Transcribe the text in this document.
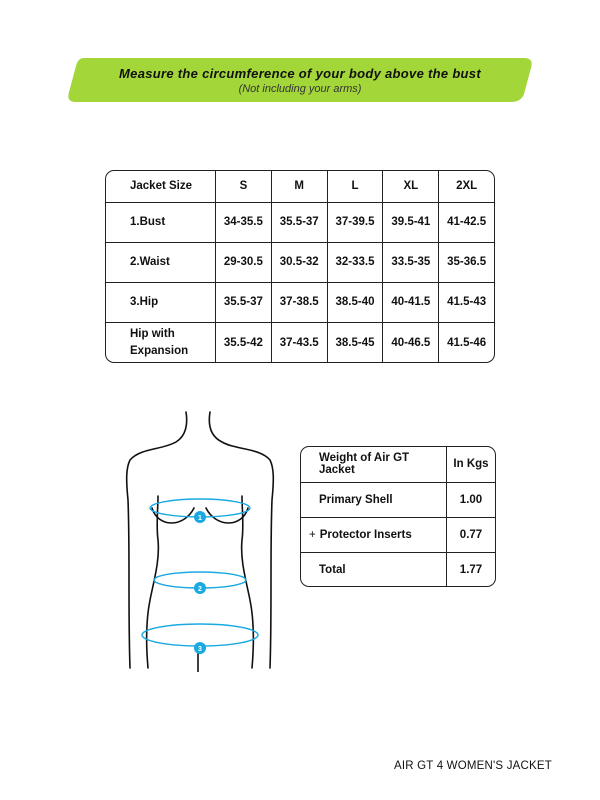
Measure the circumference of your body above the bust
(Not including your arms)
Jacket Size	S	M	L	XL	2XL
1.Bust	34-35.5	35.5-37	37-39.5	39.5-41	41-42.5
2.Waist	29-30.5	30.5-32	32-33.5	33.5-35	35-36.5
3.Hip	35.5-37	37-38.5	38.5-40	40-41.5	41.5-43
Hip with
Expansion	35.5-42	37-43.5	38.5-45	40-46.5	41.5-46
1
2
3
Weight of Air GT Jacket	In Kgs
Primary Shell	1.00
+ Protector Inserts	0.77
Total	1.77
AIR GT 4 WOMEN'S JACKET
